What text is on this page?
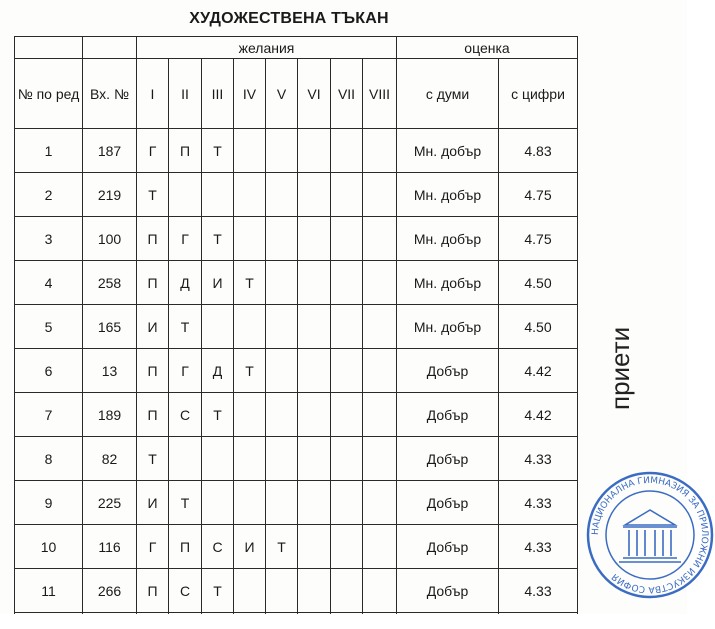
ХУДОЖЕСТВЕНА ТЪКАН
		желания								оценка	
№ по ред	Вх. №	I	II	III	IV	V	VI	VII	VIII	с думи	с цифри
1	187	Г	П	Т						Мн. добър	4.83
2	219	Т								Мн. добър	4.75
3	100	П	Г	Т						Мн. добър	4.75
4	258	П	Д	И	Т					Мн. добър	4.50
5	165	И	Т							Мн. добър	4.50
6	13	П	Г	Д	Т					Добър	4.42
7	189	П	С	Т						Добър	4.42
8	82	Т								Добър	4.33
9	225	И	Т							Добър	4.33
10	116	Г	П	С	И	Т				Добър	4.33
11	266	П	С	Т						Добър	4.33

приети
НАЦИОНАЛНА ГИМНАЗИЯ ЗА ПРИЛОЖНИ ИЗКУСТВА СОФИЯ
